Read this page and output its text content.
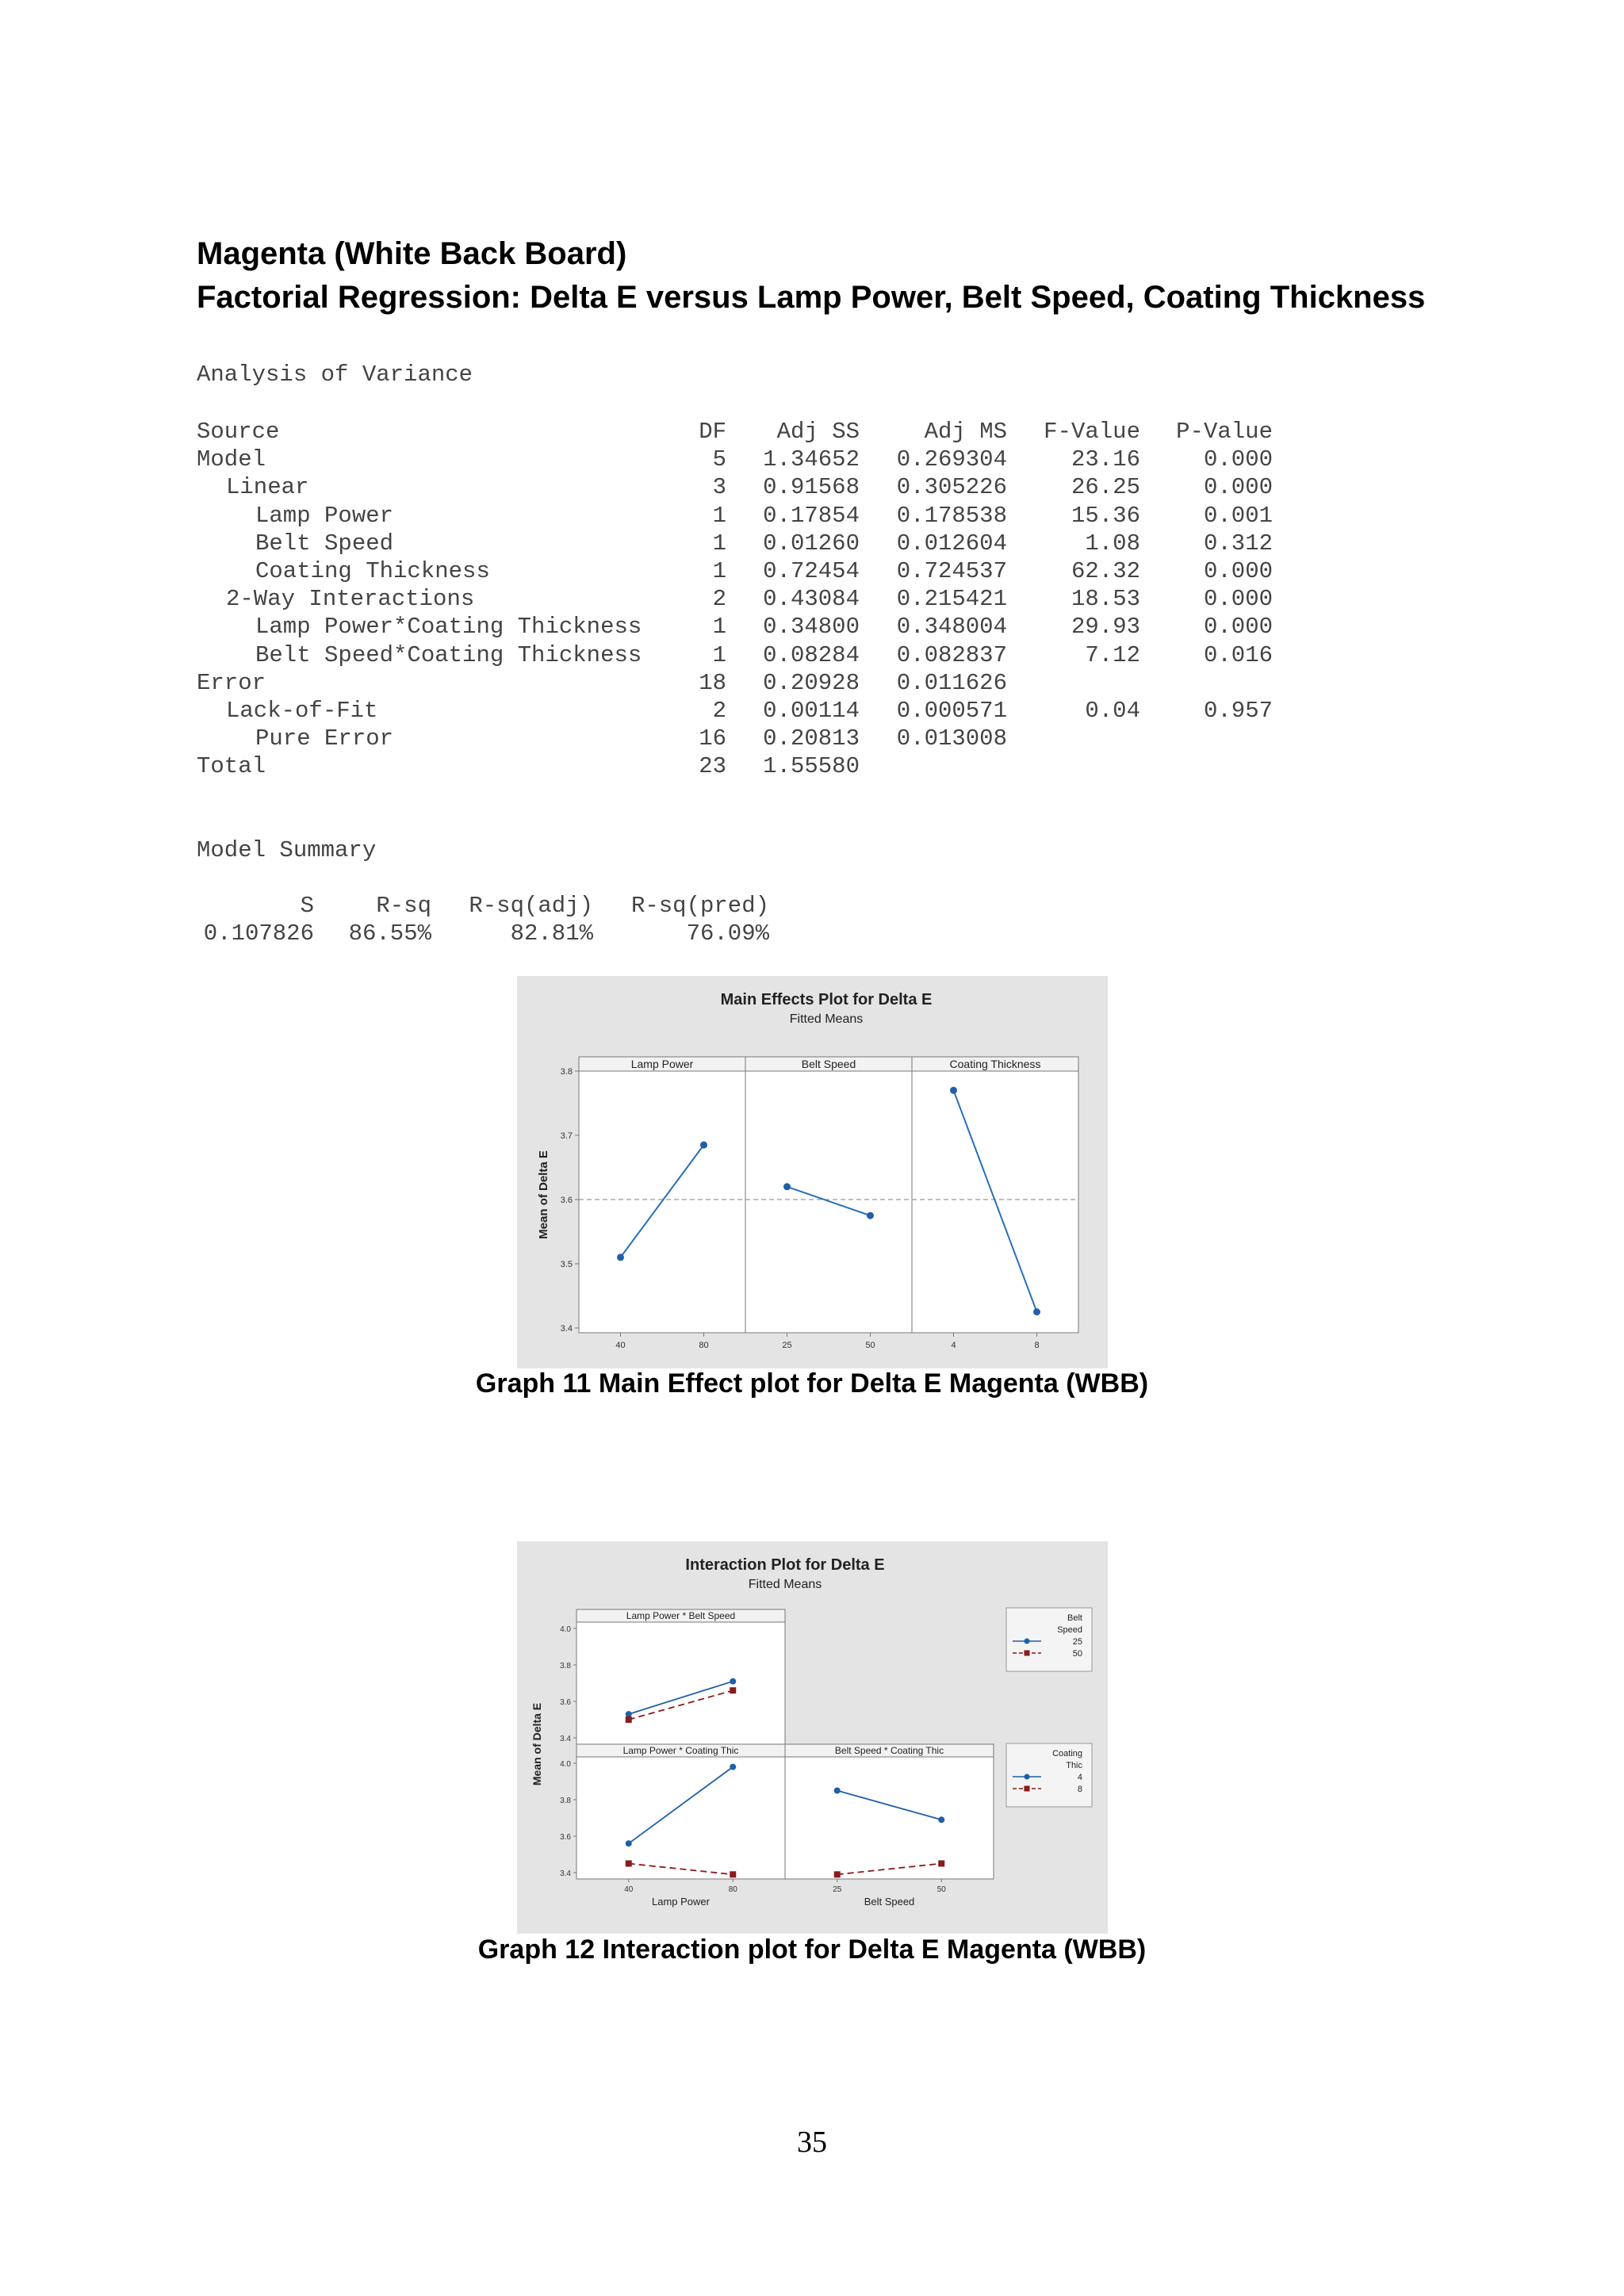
Magenta (White Back Board)
Factorial Regression: Delta E versus Lamp Power, Belt Speed, Coating Thickness
Analysis of Variance
Source	DF	Adj SS	Adj MS	F-Value	P-Value
Model	5	1.34652	0.269304	23.16	0.000
Linear	3	0.91568	0.305226	26.25	0.000
Lamp Power	1	0.17854	0.178538	15.36	0.001
Belt Speed	1	0.01260	0.012604	1.08	0.312
Coating Thickness	1	0.72454	0.724537	62.32	0.000
2-Way Interactions	2	0.43084	0.215421	18.53	0.000
Lamp Power*Coating Thickness	1	0.34800	0.348004	29.93	0.000
Belt Speed*Coating Thickness	1	0.08284	0.082837	7.12	0.016
Error	18	0.20928	0.011626
Lack-of-Fit	2	0.00114	0.000571	0.04	0.957
Pure Error	16	0.20813	0.013008
Total	23	1.55580
Model Summary
S	R-sq	R-sq(adj)	R-sq(pred)
0.107826	86.55%	82.81%	76.09%
Main Effects Plot for Delta E
Fitted Means
Lamp Power	Belt Speed	Coating Thickness
3.4
3.5
3.6
3.7
3.8
Mean of Delta E
40	80	25	50	4	8
Graph 11 Main Effect plot for Delta E Magenta (WBB)
Interaction Plot for Delta E
Fitted Means
Lamp Power * Belt Speed
3.4
3.6
3.8
4.0
Lamp Power * Coating Thic
3.4
3.6
3.8
4.0
40	80
Lamp Power
Belt Speed * Coating Thic
25	50
Belt Speed
Mean of Delta E
Belt
Speed
25
50
Coating
Thic
4
8
Graph 12 Interaction plot for Delta E Magenta (WBB)
35
